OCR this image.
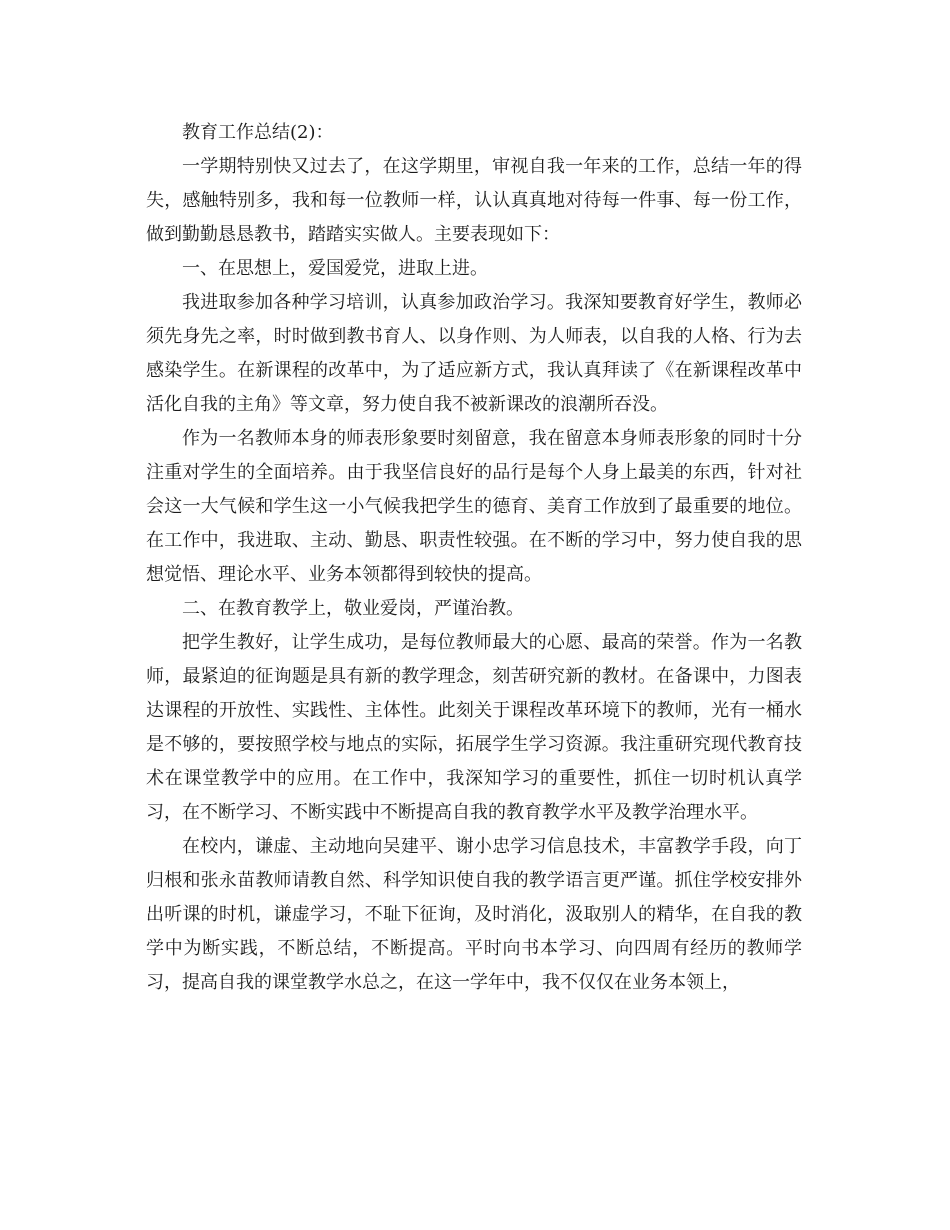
教育工作总结(2)：

一学期特别快又过去了，在这学期里，审视自我一年来的工作，总结一年的得失，感触特别多，我和每一位教师一样，认认真真地对待每一件事、每一份工作，做到勤勤恳恳教书，踏踏实实做人。主要表现如下：

一、在思想上，爱国爱党，进取上进。

我进取参加各种学习培训，认真参加政治学习。我深知要教育好学生，教师必须先身先之率，时时做到教书育人、以身作则、为人师表，以自我的人格、行为去感染学生。在新课程的改革中，为了适应新方式，我认真拜读了《在新课程改革中活化自我的主角》等文章，努力使自我不被新课改的浪潮所吞没。

作为一名教师本身的师表形象要时刻留意，我在留意本身师表形象的同时十分注重对学生的全面培养。由于我坚信良好的品行是每个人身上最美的东西，针对社会这一大气候和学生这一小气候我把学生的德育、美育工作放到了最重要的地位。在工作中，我进取、主动、勤恳、职责性较强。在不断的学习中，努力使自我的思想觉悟、理论水平、业务本领都得到较快的提高。

二、在教育教学上，敬业爱岗，严谨治教。

把学生教好，让学生成功，是每位教师最大的心愿、最高的荣誉。作为一名教师，最紧迫的征询题是具有新的教学理念，刻苦研究新的教材。在备课中，力图表达课程的开放性、实践性、主体性。此刻关于课程改革环境下的教师，光有一桶水是不够的，要按照学校与地点的实际，拓展学生学习资源。我注重研究现代教育技术在课堂教学中的应用。在工作中，我深知学习的重要性，抓住一切时机认真学习，在不断学习、不断实践中不断提高自我的教育教学水平及教学治理水平。

在校内，谦虚、主动地向吴建平、谢小忠学习信息技术，丰富教学手段，向丁归根和张永苗教师请教自然、科学知识使自我的教学语言更严谨。抓住学校安排外出听课的时机，谦虚学习，不耻下征询，及时消化，汲取别人的精华，在自我的教学中为断实践，不断总结，不断提高。平时向书本学习、向四周有经历的教师学习，提高自我的课堂教学水总之，在这一学年中，我不仅仅在业务本领上，
